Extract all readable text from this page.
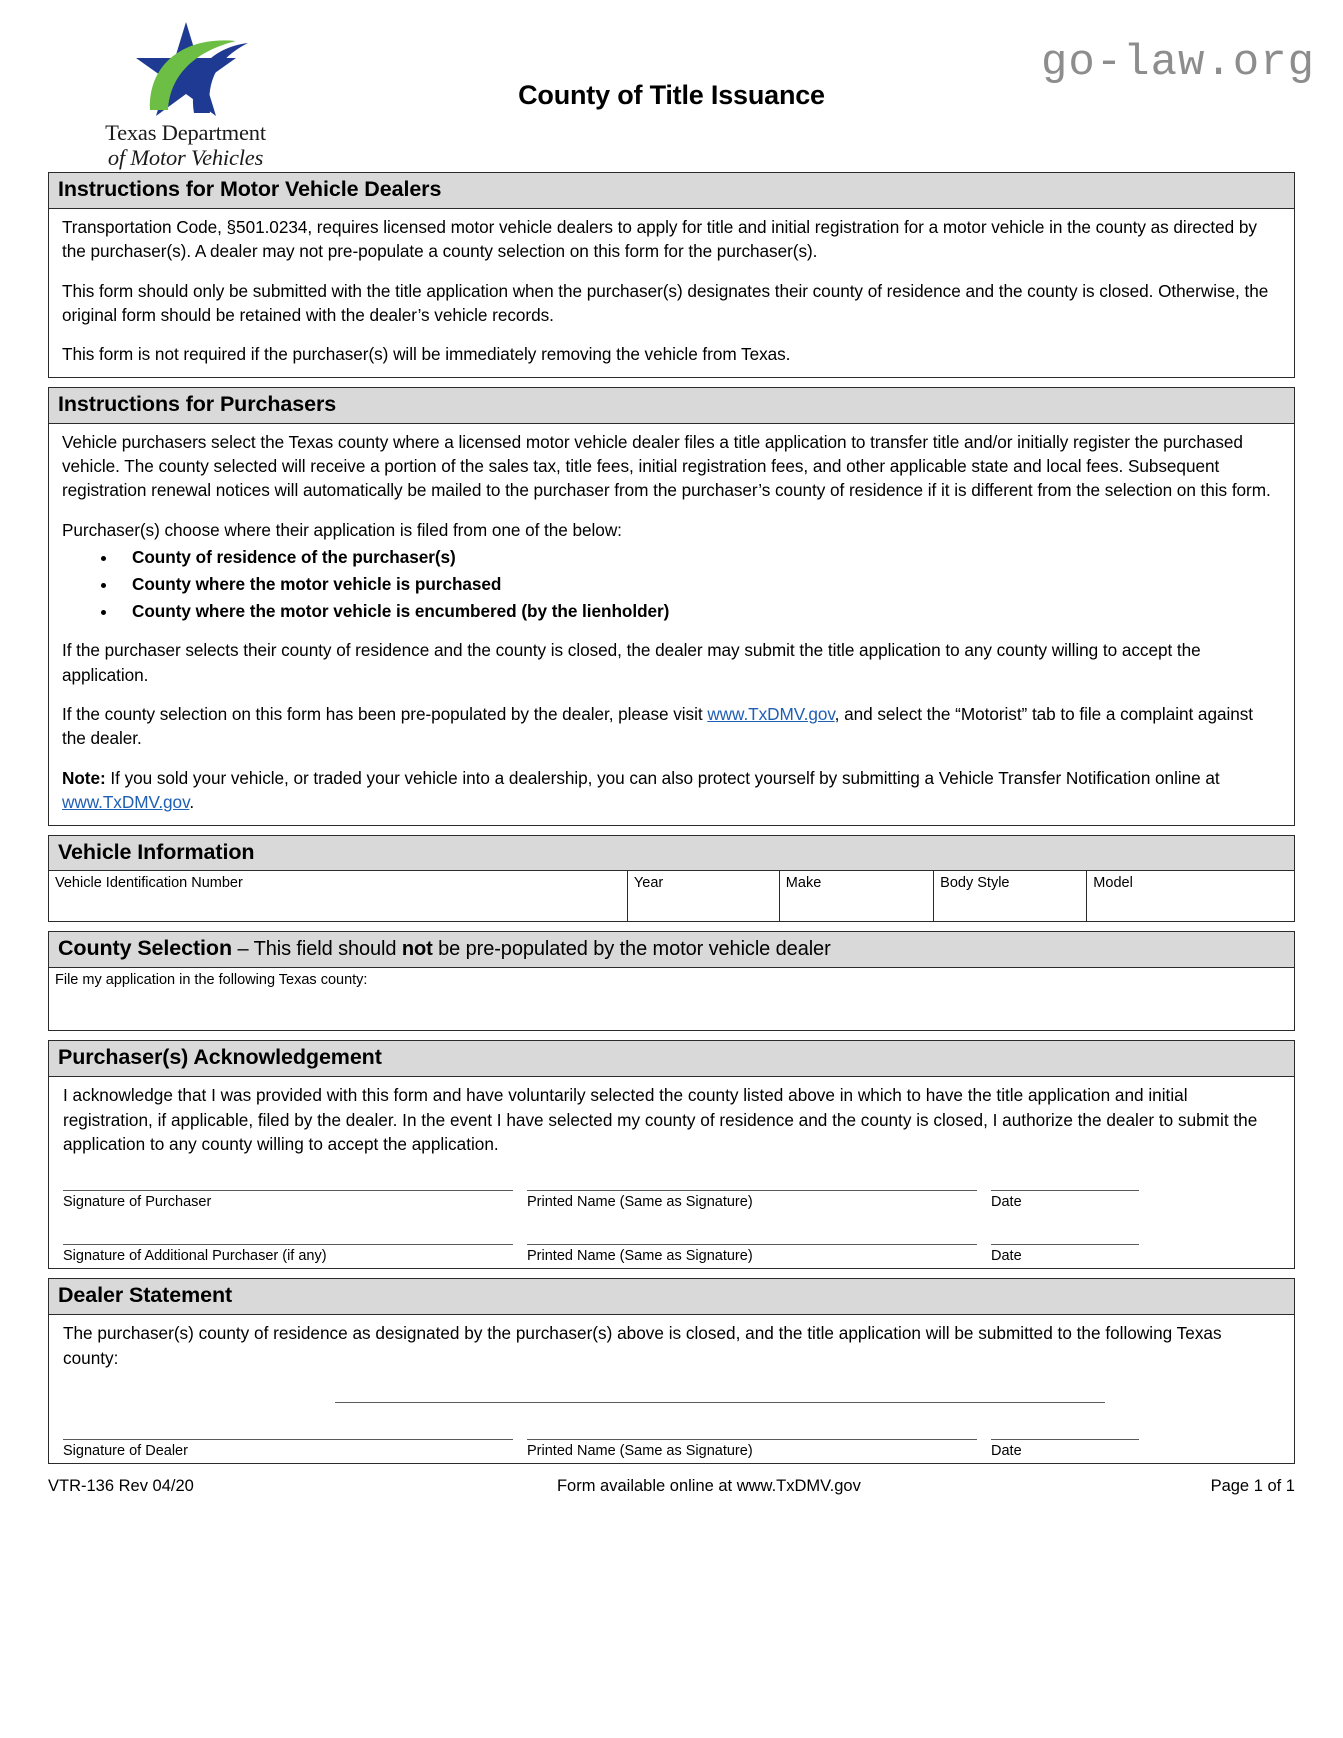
Texas Department
of Motor Vehicles
County of Title Issuance
go-law.org
Instructions for Motor Vehicle Dealers

Transportation Code, §501.0234, requires licensed motor vehicle dealers to apply for title and initial registration for a motor vehicle in the county as directed by the purchaser(s). A dealer may not pre-populate a county selection on this form for the purchaser(s).

This form should only be submitted with the title application when the purchaser(s) designates their county of residence and the county is closed. Otherwise, the original form should be retained with the dealer’s vehicle records.

This form is not required if the purchaser(s) will be immediately removing the vehicle from Texas.

Instructions for Purchasers

Vehicle purchasers select the Texas county where a licensed motor vehicle dealer files a title application to transfer title and/or initially register the purchased vehicle. The county selected will receive a portion of the sales tax, title fees, initial registration fees, and other applicable state and local fees. Subsequent registration renewal notices will automatically be mailed to the purchaser from the purchaser’s county of residence if it is different from the selection on this form.

Purchaser(s) choose where their application is filed from one of the below:

• County of residence of the purchaser(s)
• County where the motor vehicle is purchased
• County where the motor vehicle is encumbered (by the lienholder)

If the purchaser selects their county of residence and the county is closed, the dealer may submit the title application to any county willing to accept the application.

If the county selection on this form has been pre-populated by the dealer, please visit www.TxDMV.gov, and select the “Motorist” tab to file a complaint against the dealer.

Note: If you sold your vehicle, or traded your vehicle into a dealership, you can also protect yourself by submitting a Vehicle Transfer Notification online at www.TxDMV.gov.

Vehicle Information
Vehicle Identification Number	Year	Make	Body Style	Model
County Selection – This field should not be pre-populated by the motor vehicle dealer
File my application in the following Texas county:
Purchaser(s) Acknowledgement

I acknowledge that I was provided with this form and have voluntarily selected the county listed above in which to have the title application and initial registration, if applicable, filed by the dealer. In the event I have selected my county of residence and the county is closed, I authorize the dealer to submit the application to any county willing to accept the application.

Signature of Purchaser	Printed Name (Same as Signature)	Date
Signature of Additional Purchaser (if any)	Printed Name (Same as Signature)	Date
Dealer Statement

The purchaser(s) county of residence as designated by the purchaser(s) above is closed, and the title application will be submitted to the following Texas county:

Signature of Dealer	Printed Name (Same as Signature)	Date
VTR-136 Rev 04/20	Form available online at www.TxDMV.gov	Page 1 of 1
